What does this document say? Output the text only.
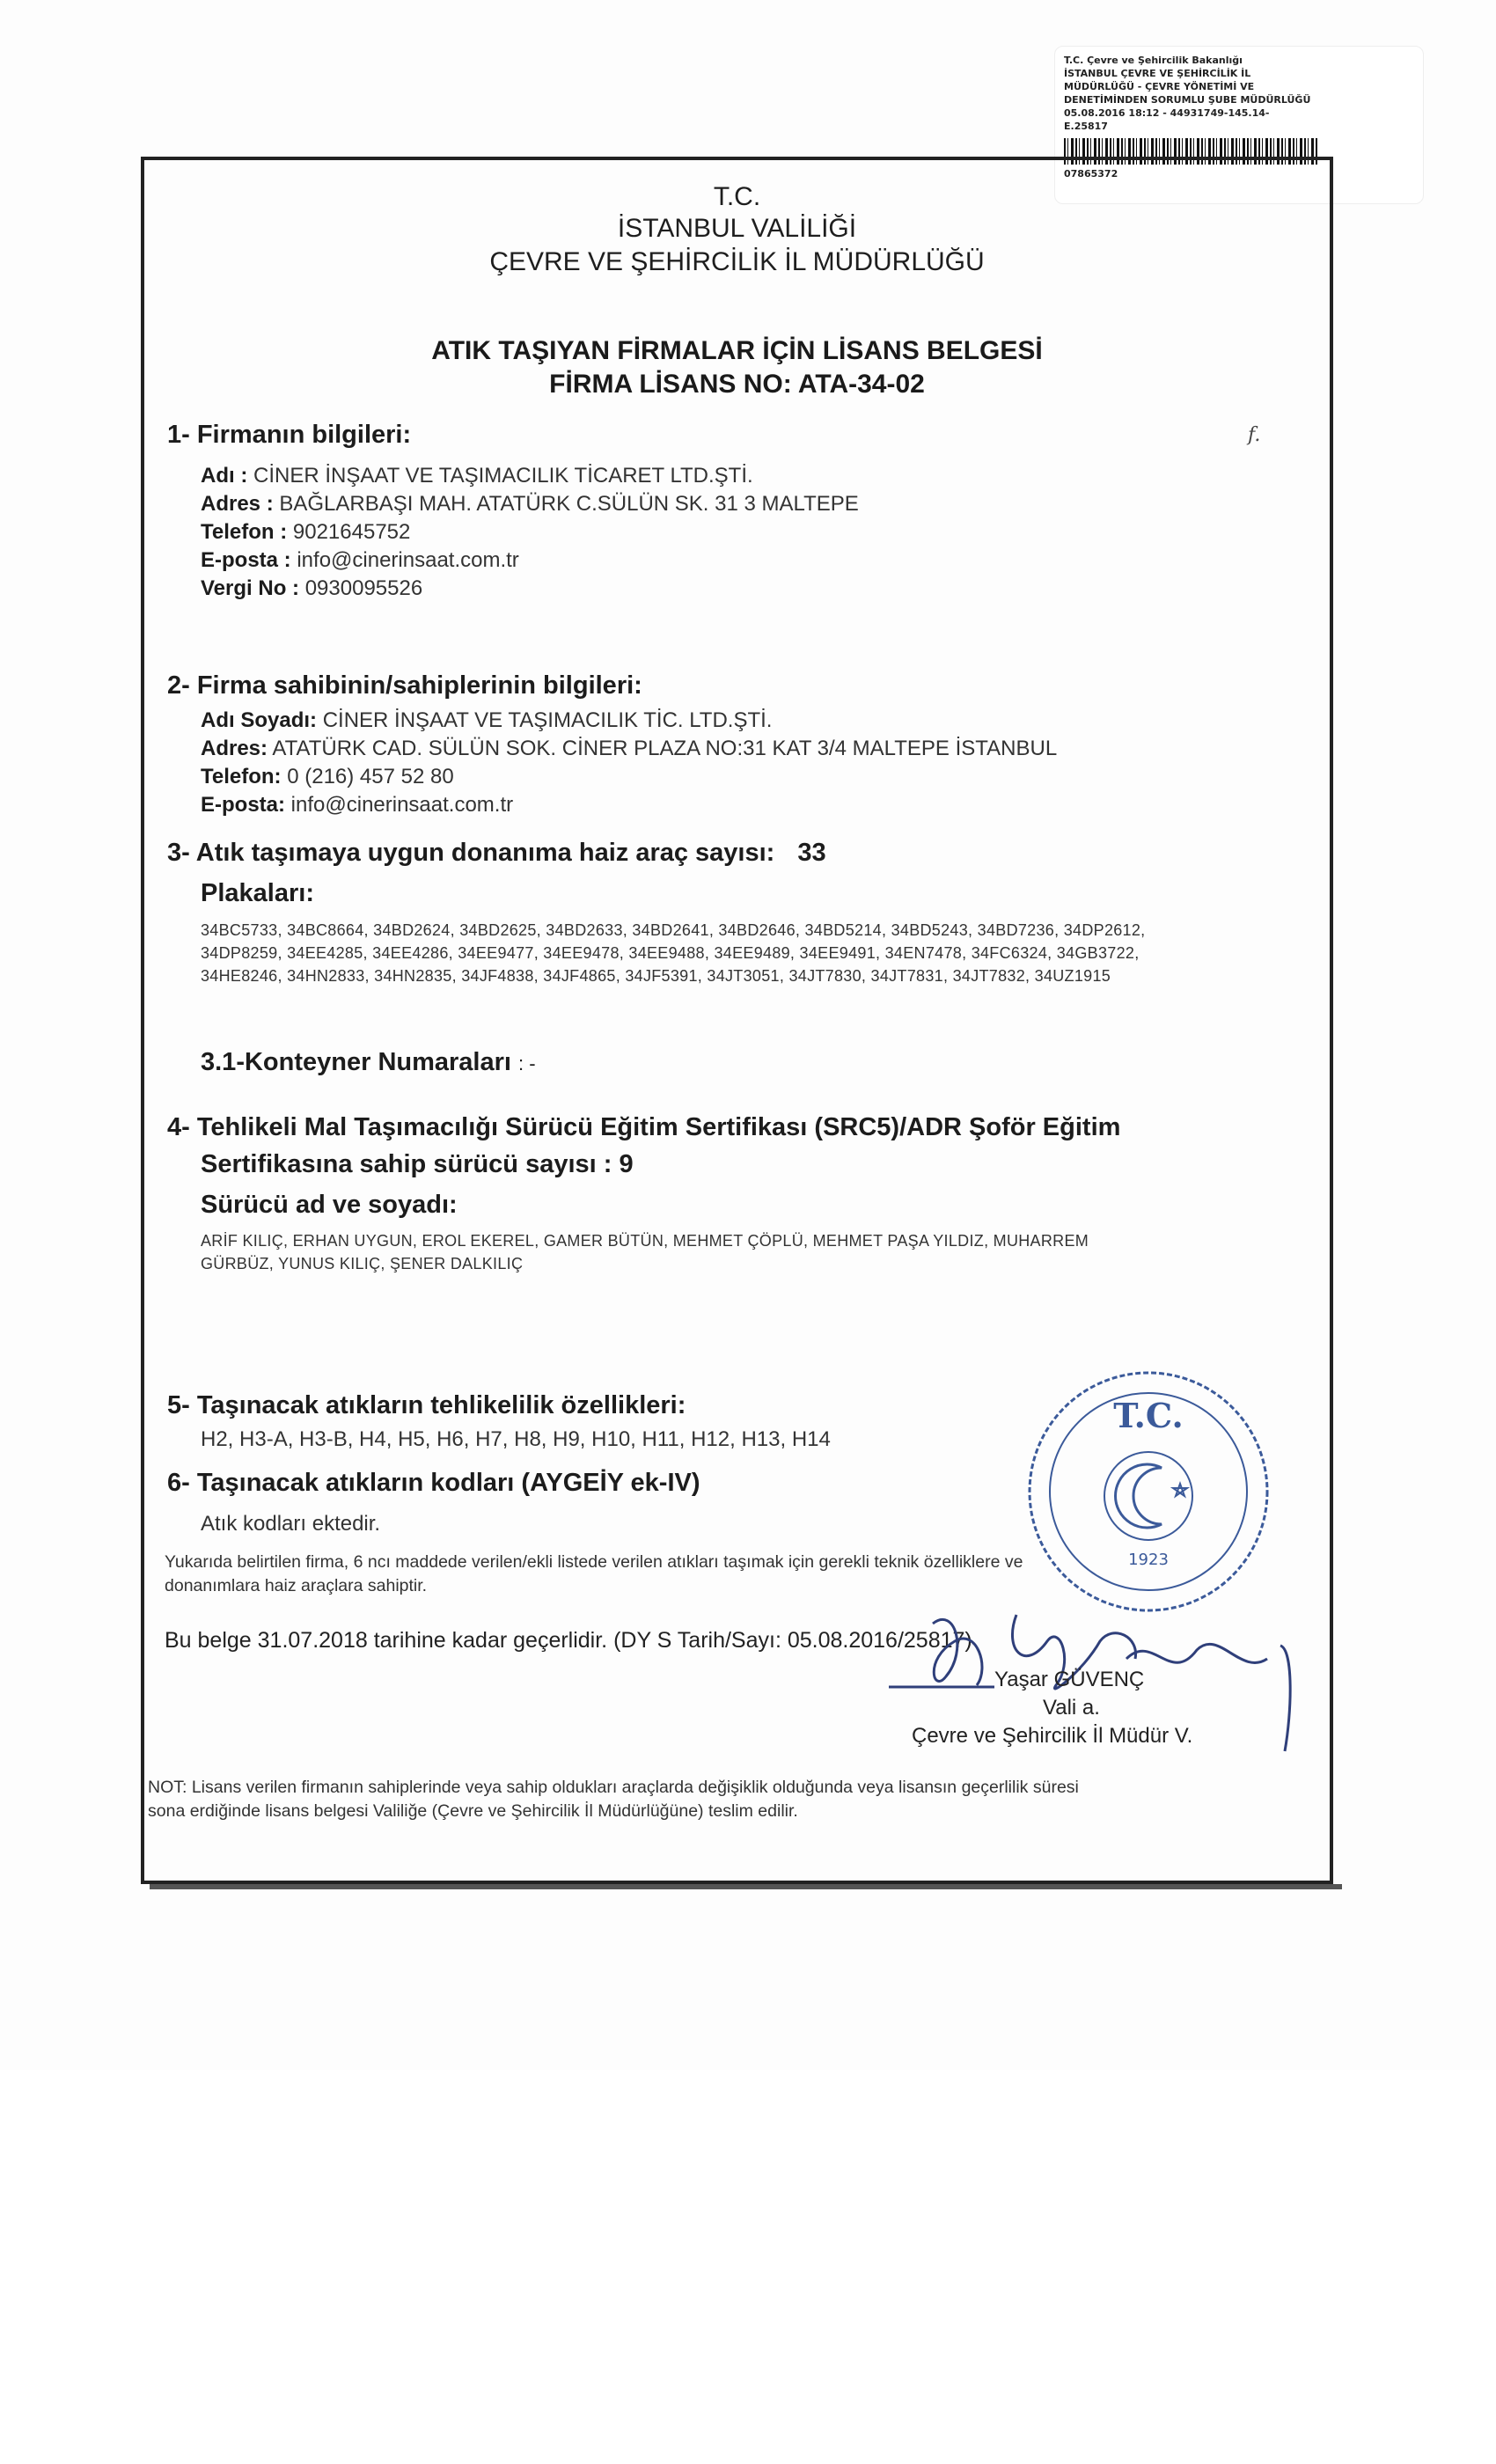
T.C. Çevre ve Şehircilik Bakanlığı
İSTANBUL ÇEVRE VE ŞEHİRCİLİK İL
MÜDÜRLÜĞÜ - ÇEVRE YÖNETİMİ VE
DENETİMİNDEN SORUMLU ŞUBE MÜDÜRLÜĞÜ
05.08.2016 18:12 - 44931749-145.14-
E.25817
07865372
T.C.
İSTANBUL VALİLİĞİ
ÇEVRE VE ŞEHİRCİLİK İL MÜDÜRLÜĞÜ
ATIK TAŞIYAN FİRMALAR İÇİN LİSANS BELGESİ
FİRMA LİSANS NO: ATA-34-02
1- Firmanın bilgileri:	f.
Adı : CİNER İNŞAAT VE TAŞIMACILIK TİCARET LTD.ŞTİ.
Adres : BAĞLARBAŞI MAH. ATATÜRK C.SÜLÜN SK. 31 3 MALTEPE
Telefon : 9021645752
E-posta : info@cinerinsaat.com.tr
Vergi No : 0930095526
2- Firma sahibinin/sahiplerinin bilgileri:
Adı Soyadı: CİNER İNŞAAT VE TAŞIMACILIK TİC. LTD.ŞTİ.
Adres: ATATÜRK CAD. SÜLÜN SOK. CİNER PLAZA NO:31 KAT 3/4 MALTEPE İSTANBUL
Telefon: 0 (216) 457 52 80
E-posta: info@cinerinsaat.com.tr
3- Atık taşımaya uygun donanıma haiz araç sayısı: 33
Plakaları:
34BC5733, 34BC8664, 34BD2624, 34BD2625, 34BD2633, 34BD2641, 34BD2646, 34BD5214, 34BD5243, 34BD7236, 34DP2612,
34DP8259, 34EE4285, 34EE4286, 34EE9477, 34EE9478, 34EE9488, 34EE9489, 34EE9491, 34EN7478, 34FC6324, 34GB3722,
34HE8246, 34HN2833, 34HN2835, 34JF4838, 34JF4865, 34JF5391, 34JT3051, 34JT7830, 34JT7831, 34JT7832, 34UZ1915
3.1-Konteyner Numaraları : -
4- Tehlikeli Mal Taşımacılığı Sürücü Eğitim Sertifikası (SRC5)/ADR Şoför Eğitim
Sertifikasına sahip sürücü sayısı : 9
Sürücü ad ve soyadı:
ARİF KILIÇ, ERHAN UYGUN, EROL EKEREL, GAMER BÜTÜN, MEHMET ÇÖPLÜ, MEHMET PAŞA YILDIZ, MUHARREM
GÜRBÜZ, YUNUS KILIÇ, ŞENER DALKILIÇ
5- Taşınacak atıkların tehlikelilik özellikleri:
H2, H3-A, H3-B, H4, H5, H6, H7, H8, H9, H10, H11, H12, H13, H14
6- Taşınacak atıkların kodları (AYGEİY ek-IV)
Atık kodları ektedir.
Yukarıda belirtilen firma, 6 ncı maddede verilen/ekli listede verilen atıkları taşımak için gerekli teknik özelliklere ve
donanımlara haiz araçlara sahiptir.
Bu belge 31.07.2018 tarihine kadar geçerlidir. (DY S Tarih/Sayı: 05.08.2016/25817)
T.C.
1923
Yaşar GÜVENÇ
Vali a.
Çevre ve Şehircilik İl Müdür V.
NOT: Lisans verilen firmanın sahiplerinde veya sahip oldukları araçlarda değişiklik olduğunda veya lisansın geçerlilik süresi
sona erdiğinde lisans belgesi Valiliğe (Çevre ve Şehircilik İl Müdürlüğüne) teslim edilir.
